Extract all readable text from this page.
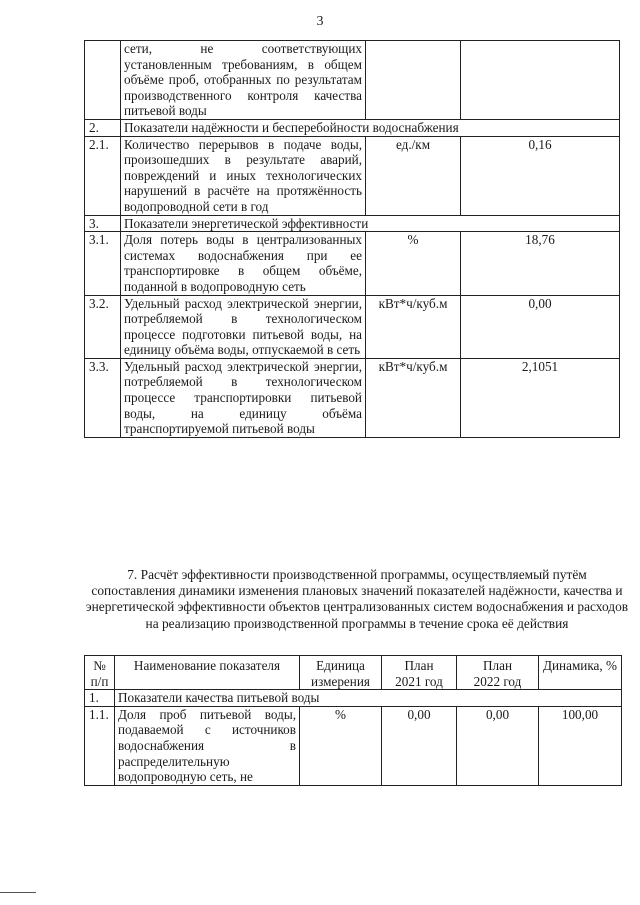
3
	сети, не соответствующих установленным требованиям, в общем объёме проб, отобранных по результатам производственного контроля качества питьевой воды		
2.	Показатели надёжности и бесперебойности водоснабжения		
2.1.	Количество перерывов в подаче воды, произошедших в результате аварий, повреждений и иных технологических нарушений в расчёте на протяжённость водопроводной сети в год	ед./км	0,16
3.	Показатели энергетической эффективности		
3.1.	Доля потерь воды в централизованных системах водоснабжения при ее транспортировке в общем объёме, поданной в водопроводную сеть	%	18,76
3.2.	Удельный расход электрической энергии, потребляемой в технологическом процессе подготовки питьевой воды, на единицу объёма воды, отпускаемой в сеть	кВт*ч/куб.м	0,00
3.3.	Удельный расход электрической энергии, потребляемой в технологическом процессе транспортировки питьевой воды, на единицу объёма транспортируемой питьевой воды	кВт*ч/куб.м	2,1051
7. Расчёт эффективности производственной программы, осуществляемый путём сопоставления динамики изменения плановых значений показателей надёжности, качества и энергетической эффективности объектов централизованных систем водоснабжения и расходов на реализацию производственной программы в течение срока её действия
№ п/п	Наименование показателя	Единица измерения	План 2021 год	План 2022 год	Динамика, %
1.	Показатели качества питьевой воды				
1.1.	Доля проб питьевой воды, подаваемой с источников водоснабжения в распределительную водопроводную сеть, не	%	0,00	0,00	100,00
